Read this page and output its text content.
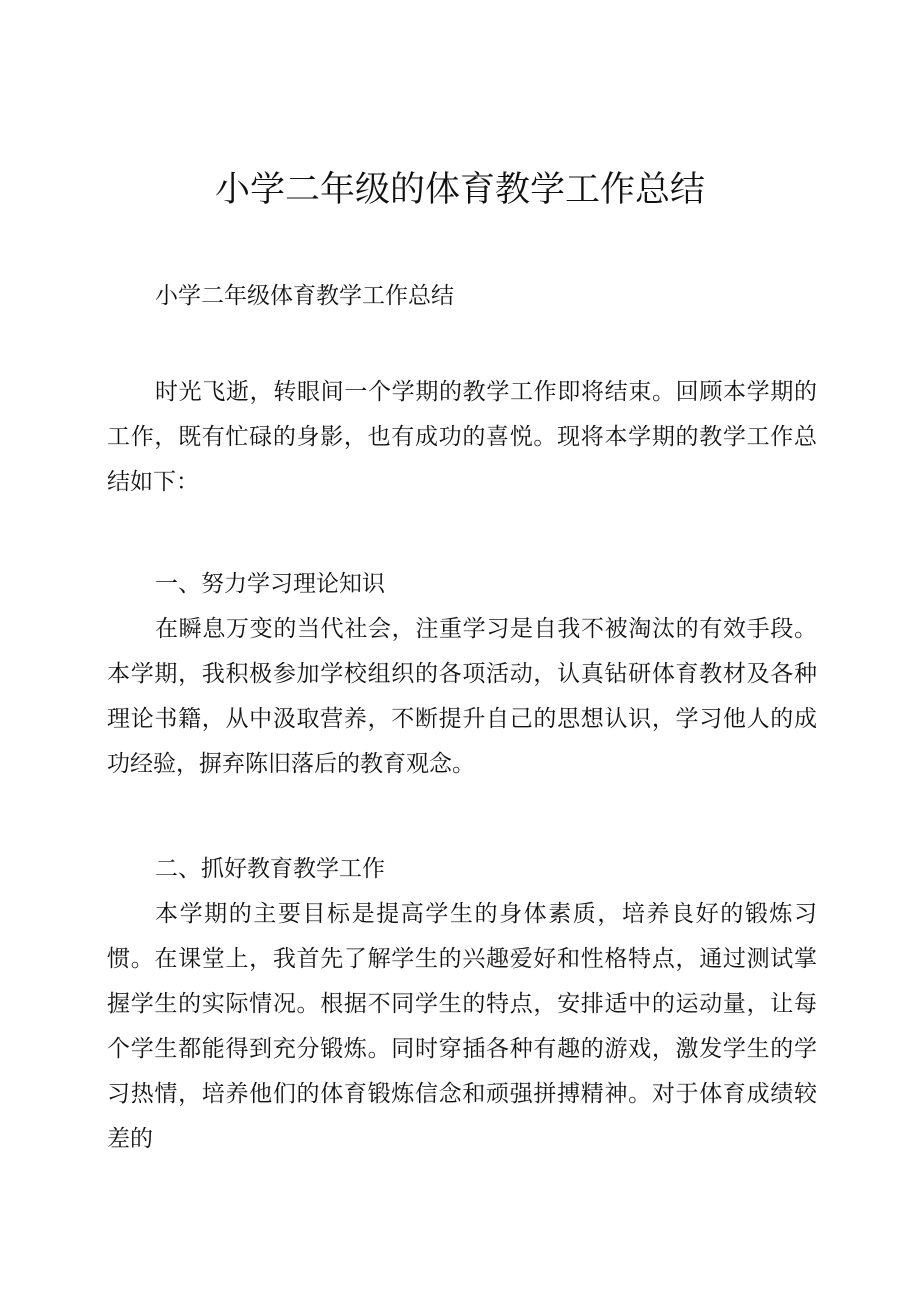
小学二年级的体育教学工作总结

小学二年级体育教学工作总结

时光飞逝，转眼间一个学期的教学工作即将结束。回顾本学期的工作，既有忙碌的身影，也有成功的喜悦。现将本学期的教学工作总结如下：

一、努力学习理论知识

在瞬息万变的当代社会，注重学习是自我不被淘汰的有效手段。本学期，我积极参加学校组织的各项活动，认真钻研体育教材及各种理论书籍，从中汲取营养，不断提升自己的思想认识，学习他人的成功经验，摒弃陈旧落后的教育观念。

二、抓好教育教学工作

本学期的主要目标是提高学生的身体素质，培养良好的锻炼习惯。在课堂上，我首先了解学生的兴趣爱好和性格特点，通过测试掌握学生的实际情况。根据不同学生的特点，安排适中的运动量，让每个学生都能得到充分锻炼。同时穿插各种有趣的游戏，激发学生的学习热情，培养他们的体育锻炼信念和顽强拼搏精神。对于体育成绩较差的
